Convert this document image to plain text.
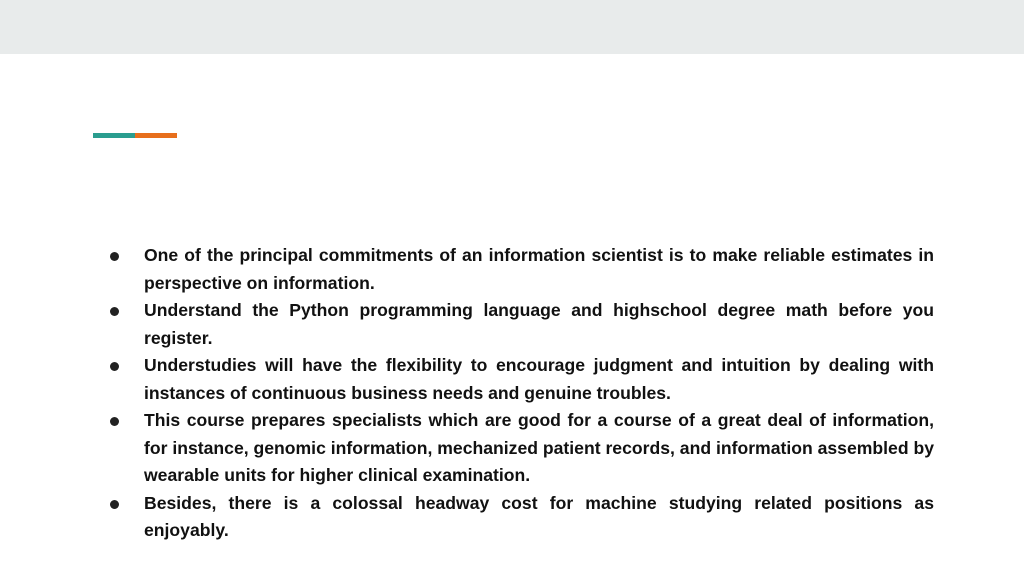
One of the principal commitments of an information scientist is to make reliable estimates in perspective on information.
Understand the Python programming language and highschool degree math before you register.
Understudies will have the flexibility to encourage judgment and intuition by dealing with instances of continuous business needs and genuine troubles.
This course prepares specialists which are good for a course of a great deal of information, for instance, genomic information, mechanized patient records, and information assembled by wearable units for higher clinical examination.
Besides, there is a colossal headway cost for machine studying related positions as enjoyably.
